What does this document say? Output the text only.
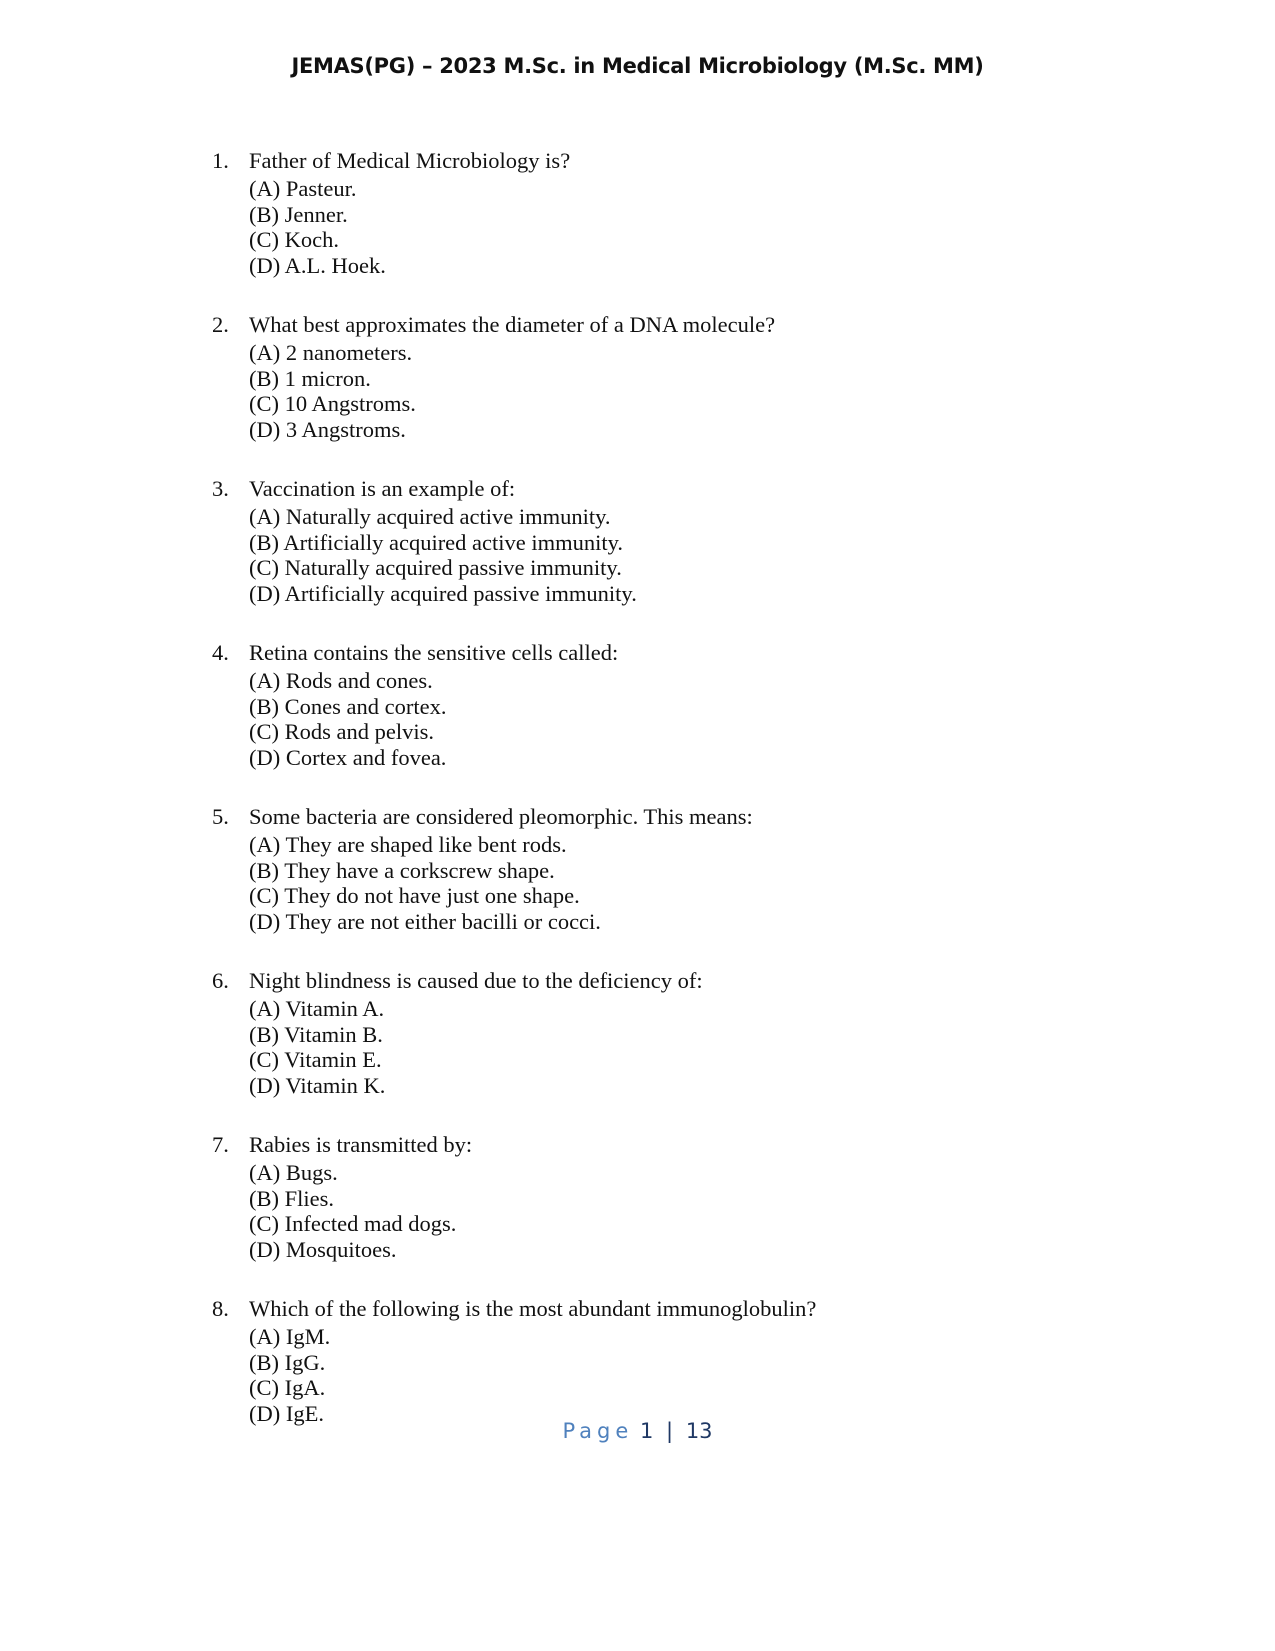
JEMAS(PG) – 2023 M.Sc. in Medical Microbiology (M.Sc. MM)
1. Father of Medical Microbiology is?
(A) Pasteur.
(B) Jenner.
(C) Koch.
(D) A.L. Hoek.
2. What best approximates the diameter of a DNA molecule?
(A) 2 nanometers.
(B) 1 micron.
(C) 10 Angstroms.
(D) 3 Angstroms.
3. Vaccination is an example of:
(A) Naturally acquired active immunity.
(B) Artificially acquired active immunity.
(C) Naturally acquired passive immunity.
(D) Artificially acquired passive immunity.
4. Retina contains the sensitive cells called:
(A) Rods and cones.
(B) Cones and cortex.
(C) Rods and pelvis.
(D) Cortex and fovea.
5. Some bacteria are considered pleomorphic. This means:
(A) They are shaped like bent rods.
(B) They have a corkscrew shape.
(C) They do not have just one shape.
(D) They are not either bacilli or cocci.
6. Night blindness is caused due to the deficiency of:
(A) Vitamin A.
(B) Vitamin B.
(C) Vitamin E.
(D) Vitamin K.
7. Rabies is transmitted by:
(A) Bugs.
(B) Flies.
(C) Infected mad dogs.
(D) Mosquitoes.
8. Which of the following is the most abundant immunoglobulin?
(A) IgM.
(B) IgG.
(C) IgA.
(D) IgE.
Page 1 | 13
